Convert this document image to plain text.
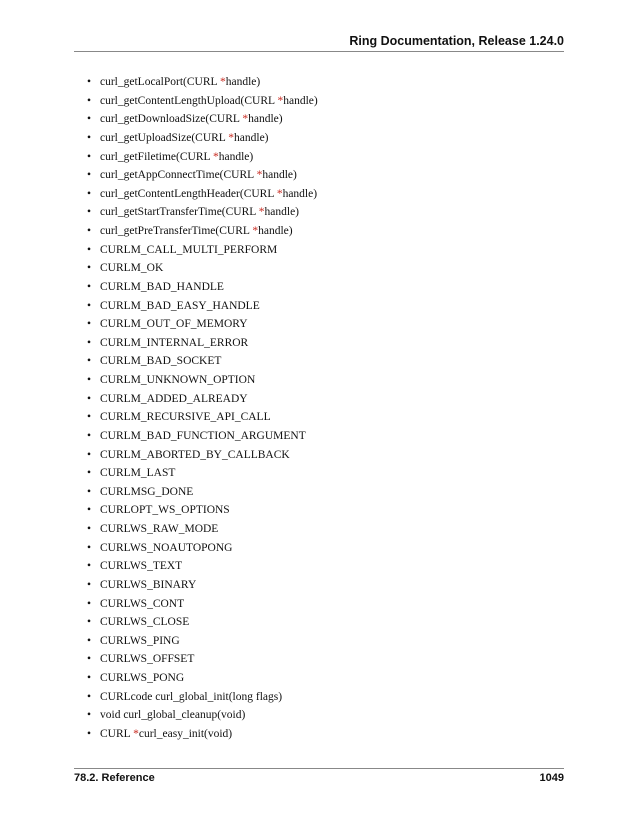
Ring Documentation, Release 1.24.0
• curl_getLocalPort(CURL *handle)
• curl_getContentLengthUpload(CURL *handle)
• curl_getDownloadSize(CURL *handle)
• curl_getUploadSize(CURL *handle)
• curl_getFiletime(CURL *handle)
• curl_getAppConnectTime(CURL *handle)
• curl_getContentLengthHeader(CURL *handle)
• curl_getStartTransferTime(CURL *handle)
• curl_getPreTransferTime(CURL *handle)
• CURLM_CALL_MULTI_PERFORM
• CURLM_OK
• CURLM_BAD_HANDLE
• CURLM_BAD_EASY_HANDLE
• CURLM_OUT_OF_MEMORY
• CURLM_INTERNAL_ERROR
• CURLM_BAD_SOCKET
• CURLM_UNKNOWN_OPTION
• CURLM_ADDED_ALREADY
• CURLM_RECURSIVE_API_CALL
• CURLM_BAD_FUNCTION_ARGUMENT
• CURLM_ABORTED_BY_CALLBACK
• CURLM_LAST
• CURLMSG_DONE
• CURLOPT_WS_OPTIONS
• CURLWS_RAW_MODE
• CURLWS_NOAUTOPONG
• CURLWS_TEXT
• CURLWS_BINARY
• CURLWS_CONT
• CURLWS_CLOSE
• CURLWS_PING
• CURLWS_OFFSET
• CURLWS_PONG
• CURLcode curl_global_init(long flags)
• void curl_global_cleanup(void)
• CURL *curl_easy_init(void)
78.2. Reference	1049
